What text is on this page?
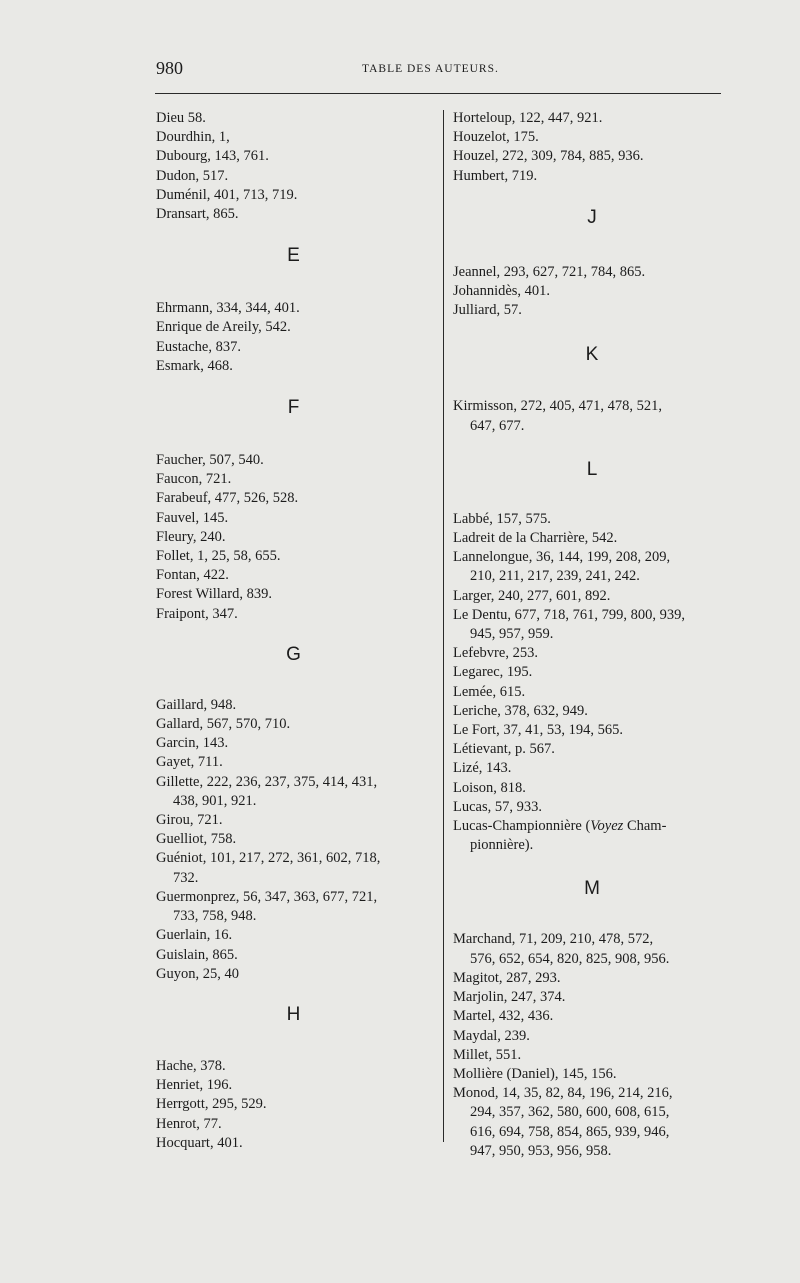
980	TABLE DES AUTEURS.

Dieu 58.

Dourdhin, 1,

Dubourg, 143, 761.

Dudon, 517.

Duménil, 401, 713, 719.

Dransart, 865.

E

Ehrmann, 334, 344, 401.

Enrique de Areily, 542.

Eustache, 837.

Esmark, 468.

F

Faucher, 507, 540.

Faucon, 721.

Farabeuf, 477, 526, 528.

Fauvel, 145.

Fleury, 240.

Follet, 1, 25, 58, 655.

Fontan, 422.

Forest Willard, 839.

Fraipont, 347.

G

Gaillard, 948.

Gallard, 567, 570, 710.

Garcin, 143.

Gayet, 711.

Gillette, 222, 236, 237, 375, 414, 431,

438, 901, 921.

Girou, 721.

Guelliot, 758.

Guéniot, 101, 217, 272, 361, 602, 718,

732.

Guermonprez, 56, 347, 363, 677, 721,

733, 758, 948.

Guerlain, 16.

Guislain, 865.

Guyon, 25, 40

H

Hache, 378.

Henriet, 196.

Herrgott, 295, 529.

Henrot, 77.

Hocquart, 401.

Horteloup, 122, 447, 921.

Houzelot, 175.

Houzel, 272, 309, 784, 885, 936.

Humbert, 719.

J

Jeannel, 293, 627, 721, 784, 865.

Johannidès, 401.

Julliard, 57.

K

Kirmisson, 272, 405, 471, 478, 521,

647, 677.

L

Labbé, 157, 575.

Ladreit de la Charrière, 542.

Lannelongue, 36, 144, 199, 208, 209,

210, 211, 217, 239, 241, 242.

Larger, 240, 277, 601, 892.

Le Dentu, 677, 718, 761, 799, 800, 939,

945, 957, 959.

Lefebvre, 253.

Legarec, 195.

Lemée, 615.

Leriche, 378, 632, 949.

Le Fort, 37, 41, 53, 194, 565.

Létievant, p. 567.

Lizé, 143.

Loison, 818.

Lucas, 57, 933.

Lucas-Championnière (Voyez Cham-

pionnière).

M

Marchand, 71, 209, 210, 478, 572,

576, 652, 654, 820, 825, 908, 956.

Magitot, 287, 293.

Marjolin, 247, 374.

Martel, 432, 436.

Maydal, 239.

Millet, 551.

Mollière (Daniel), 145, 156.

Monod, 14, 35, 82, 84, 196, 214, 216,

294, 357, 362, 580, 600, 608, 615,

616, 694, 758, 854, 865, 939, 946,

947, 950, 953, 956, 958.
